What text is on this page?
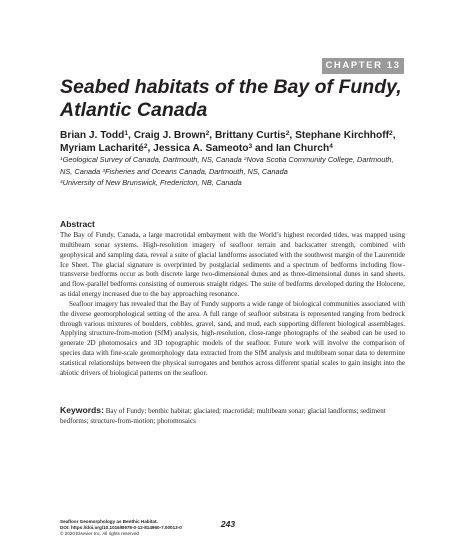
CHAPTER 13
Seabed habitats of the Bay of Fundy, Atlantic Canada
Brian J. Todd$^1$, Craig J. Brown$^2$, Brittany Curtis$^2$, Stephane Kirchhoff$^2$,
Myriam Lacharité$^2$, Jessica A. Sameoto$^3$ and Ian Church$^4$
$^1$Geological Survey of Canada, Dartmouth, NS, Canada $^2$Nova Scotia Community College, Dartmouth, NS, Canada $^3$Fisheries and Oceans Canada, Dartmouth, NS, Canada
$^4$University of New Brunswick, Fredericton, NB, Canada
Abstract

The Bay of Fundy, Canada, a large macrotidal embayment with the World’s highest recorded tides, was mapped using multibeam sonar systems. High-resolution imagery of seafloor terrain and backscatter strength, combined with geophysical and sampling data, reveal a suite of glacial landforms associated with the southwest margin of the Laurentide Ice Sheet. The glacial signature is overprinted by postglacial sediments and a spectrum of bedforms including flow-transverse bedforms occur as both discrete large two-dimensional dunes and as three-dimensional dunes in sand sheets, and flow-parallel bedforms consisting of numerous straight ridges. The suite of bedforms developed during the Holocene, as tidal energy increased due to the bay approaching resonance.

Seafloor imagery has revealed that the Bay of Fundy supports a wide range of biological communities associated with the diverse geomorphological setting of the area. A full range of seafloor substrata is represented ranging from bedrock through various mixtures of boulders, cobbles, gravel, sand, and mud, each supporting different biological assemblages. Applying structure-from-motion (SfM) analysis, high-resolution, close-range photographs of the seabed can be used to generate 2D photomosaics and 3D topographic models of the seafloor. Future work will involve the comparison of species data with fine-scale geomorphology data extracted from the SfM analysis and multibeam sonar data to determine statistical relationships between the physical surrogates and benthos across different spatial scales to gain insight into the abiotic drivers of biological patterns on the seafloor.

Keywords: Bay of Fundy; benthic habitat; glaciated; macrotidal; multibeam sonar; glacial landforms; sediment bedforms; structure-from-motion; photomosaics
Seafloor Geomorphology as Benthic Habitat.
DOI: https://doi.org/10.1016/B978-0-12-814960-7.00013-0
© 2020 Elsevier Inc. All rights reserved
243
